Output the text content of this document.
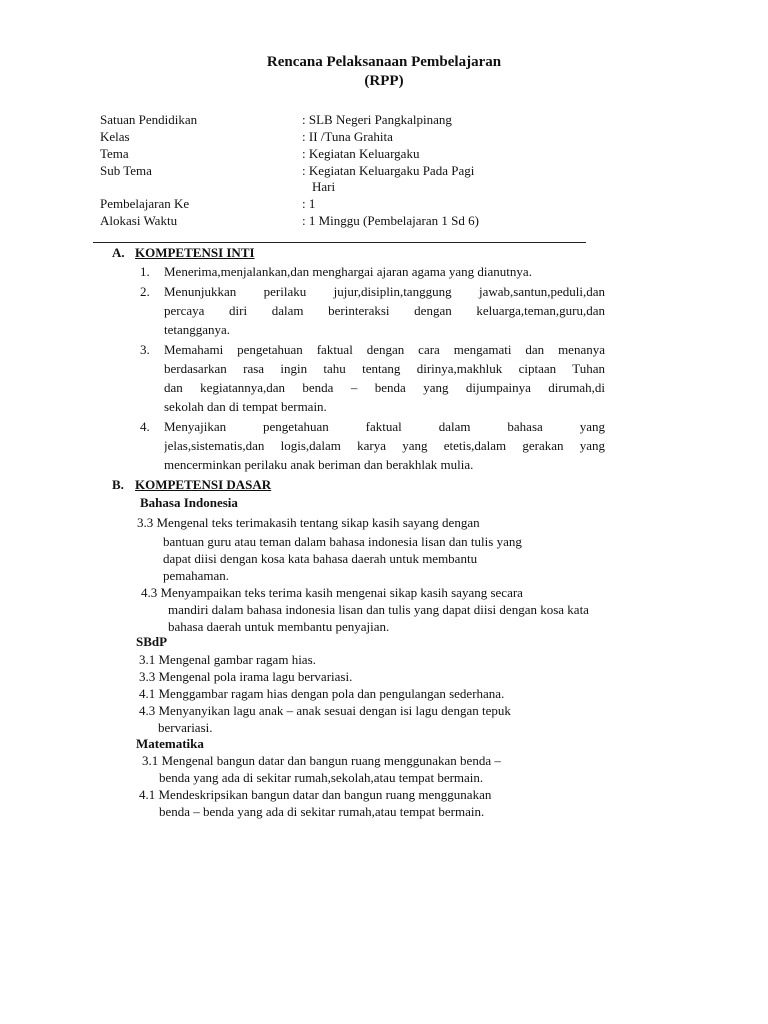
Rencana Pelaksanaan Pembelajaran
(RPP)
Satuan Pendidikan	: SLB Negeri Pangkalpinang
Kelas	: II /Tuna Grahita
Tema	: Kegiatan Keluargaku
Sub Tema	: Kegiatan Keluargaku Pada Pagi
Hari
Pembelajaran Ke	: 1
Alokasi Waktu	: 1 Minggu (Pembelajaran 1 Sd 6)
A. KOMPETENSI INTI
1. Menerima,menjalankan,dan menghargai ajaran agama yang dianutnya.
2. Menunjukkan perilaku jujur,disiplin,tanggung jawab,santun,peduli,dan
percaya diri dalam berinteraksi dengan keluarga,teman,guru,dan
tetangganya.
3. Memahami pengetahuan faktual dengan cara mengamati dan menanya
berdasarkan rasa ingin tahu tentang dirinya,makhluk ciptaan Tuhan
dan kegiatannya,dan benda – benda yang dijumpainya dirumah,di
sekolah dan di tempat bermain.
4. Menyajikan pengetahuan faktual dalam bahasa yang
jelas,sistematis,dan logis,dalam karya yang etetis,dalam gerakan yang
mencerminkan perilaku anak beriman dan berakhlak mulia.
B. KOMPETENSI DASAR
Bahasa Indonesia
3.3 Mengenal teks terimakasih tentang sikap kasih sayang dengan
bantuan guru atau teman dalam bahasa indonesia lisan dan tulis yang
dapat diisi dengan kosa kata bahasa daerah untuk membantu
pemahaman.
4.3 Menyampaikan teks terima kasih mengenai sikap kasih sayang secara
mandiri dalam bahasa indonesia lisan dan tulis yang dapat diisi dengan kosa kata
bahasa daerah untuk membantu penyajian.
SBdP
3.1 Mengenal gambar ragam hias.
3.3 Mengenal pola irama lagu bervariasi.
4.1 Menggambar ragam hias dengan pola dan pengulangan sederhana.
4.3 Menyanyikan lagu anak – anak sesuai dengan isi lagu dengan tepuk
bervariasi.
Matematika
3.1 Mengenal bangun datar dan bangun ruang menggunakan benda –
benda yang ada di sekitar rumah,sekolah,atau tempat bermain.
4.1 Mendeskripsikan bangun datar dan bangun ruang menggunakan
benda – benda yang ada di sekitar rumah,atau tempat bermain.
